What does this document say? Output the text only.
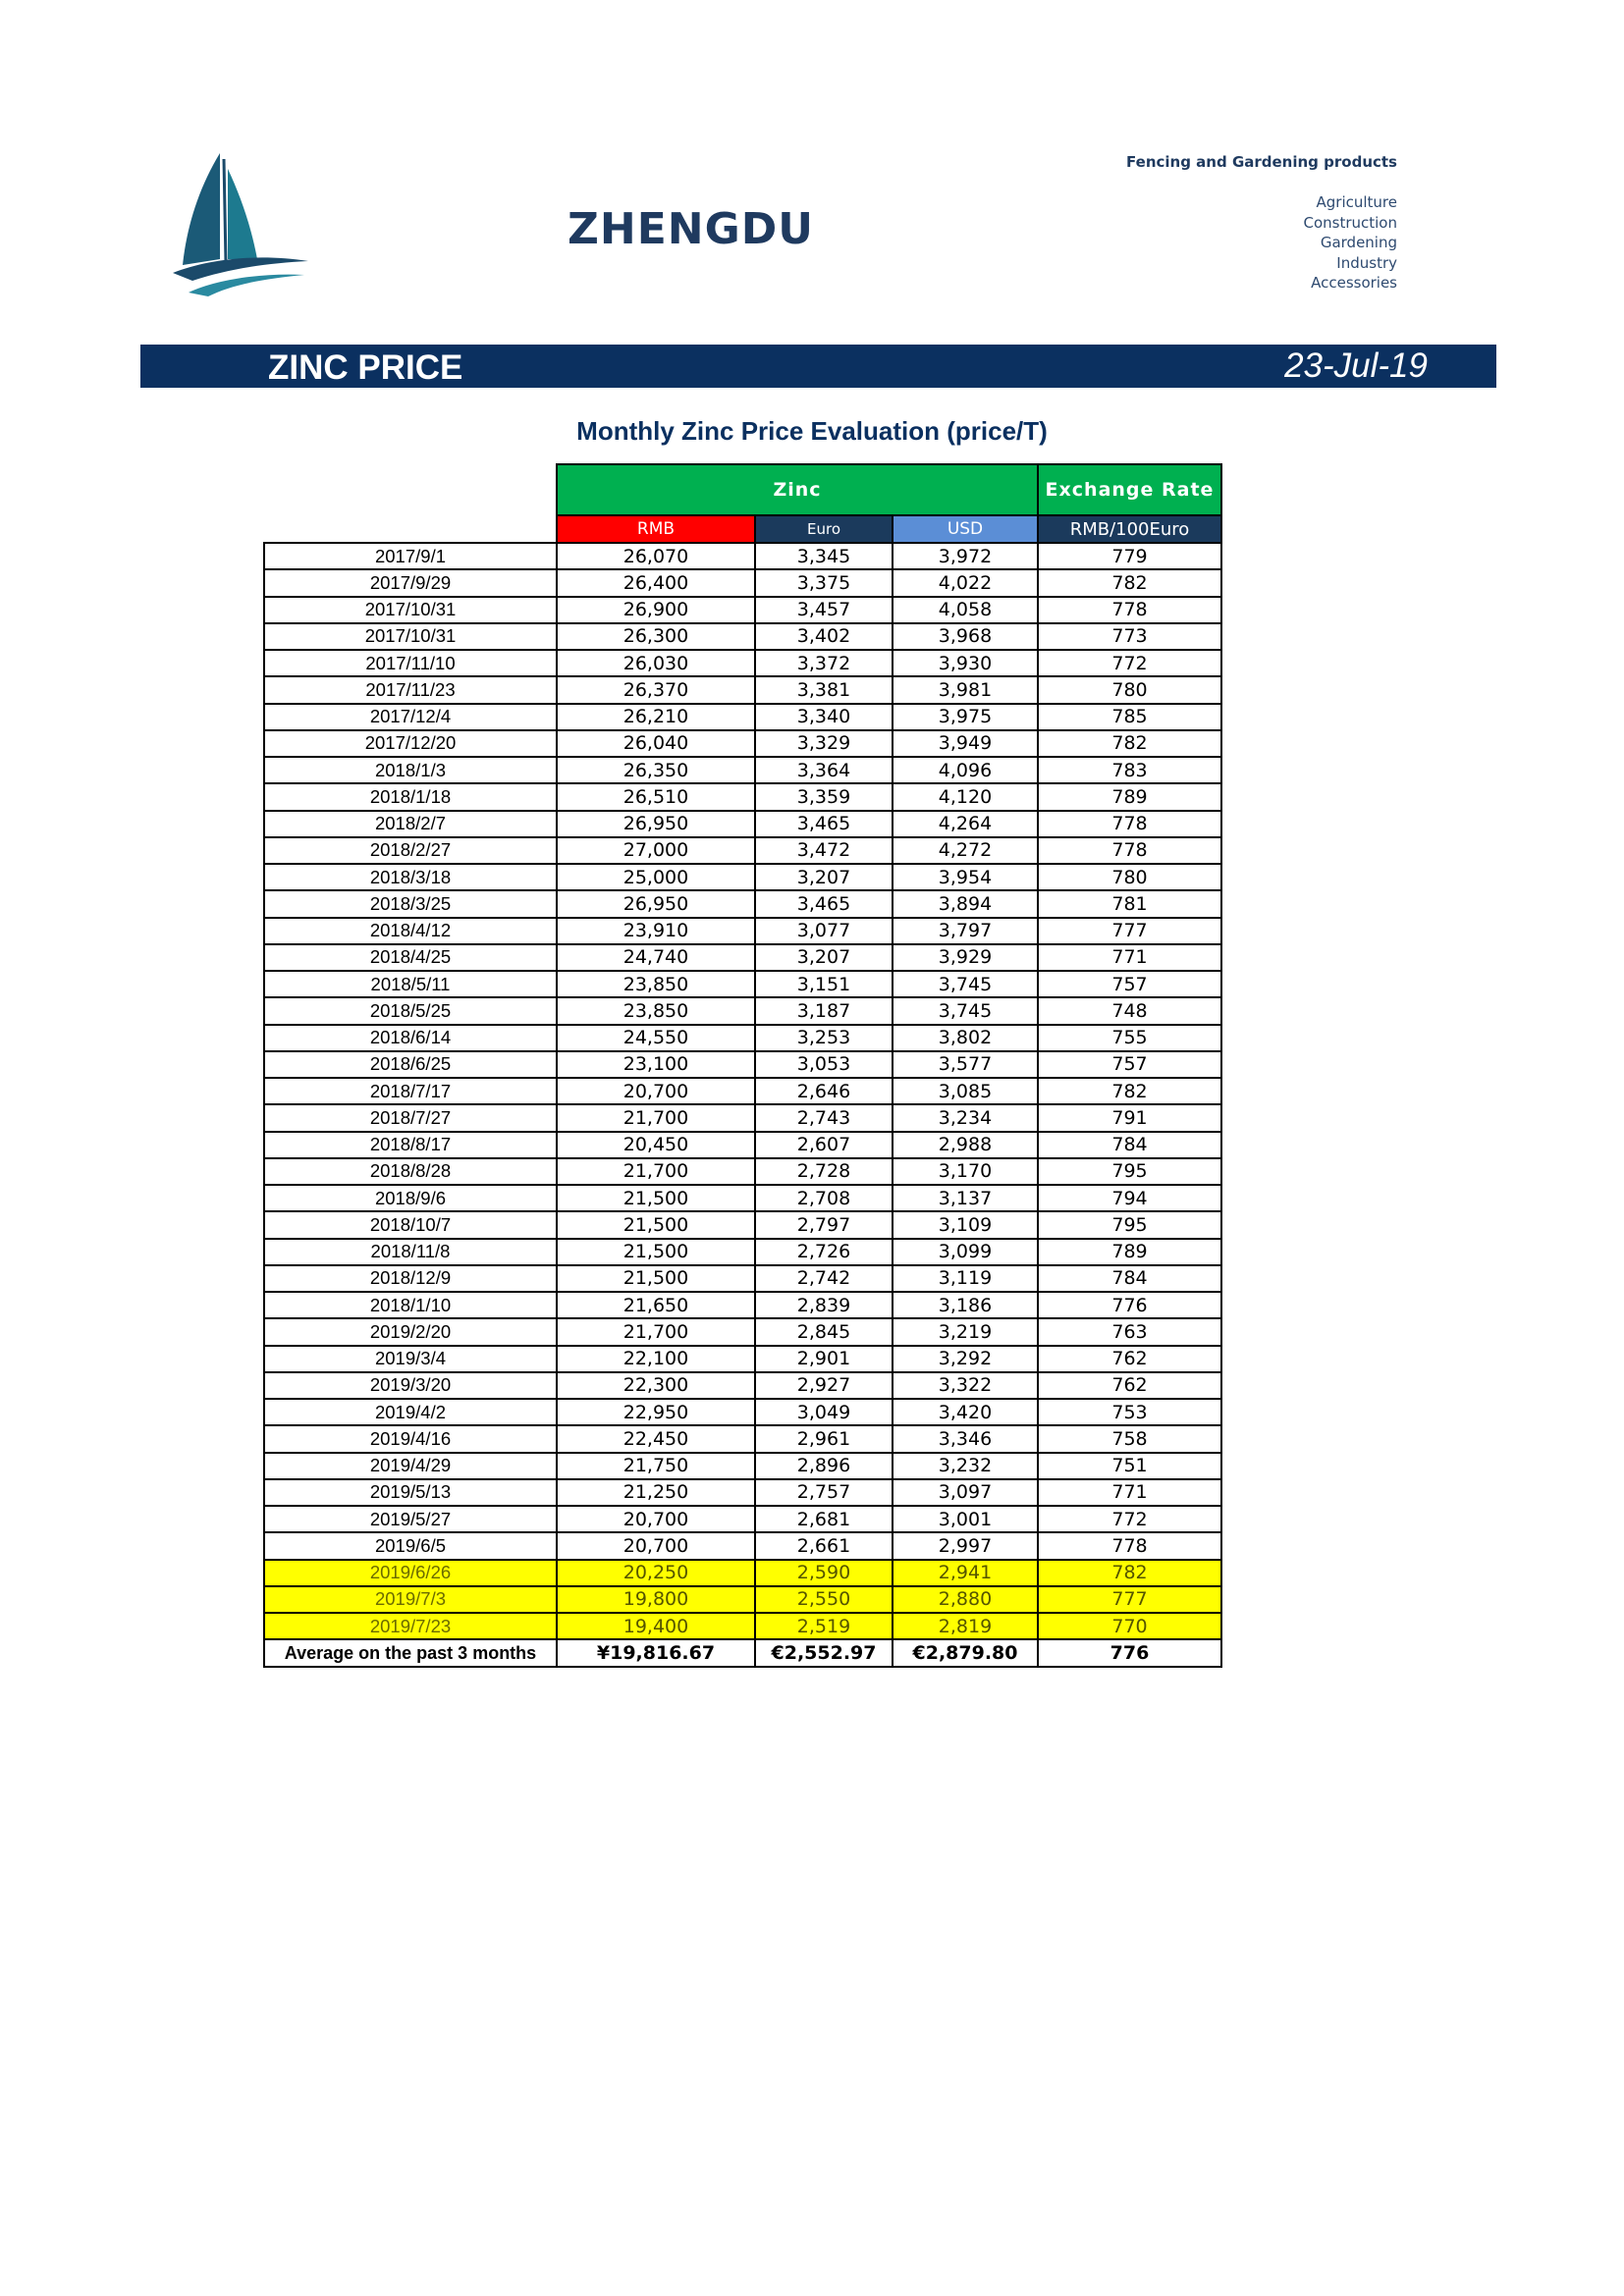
ZHENGDU
Fencing and Gardening products
Agriculture
Construction
Gardening
Industry
Accessories
ZINC PRICE	23-Jul-19
Monthly Zinc Price Evaluation (price/T)
	Zinc			Exchange Rate
	RMB	Euro	USD	RMB/100Euro
2017/9/1	26,070	3,345	3,972	779
2017/9/29	26,400	3,375	4,022	782
2017/10/31	26,900	3,457	4,058	778
2017/10/31	26,300	3,402	3,968	773
2017/11/10	26,030	3,372	3,930	772
2017/11/23	26,370	3,381	3,981	780
2017/12/4	26,210	3,340	3,975	785
2017/12/20	26,040	3,329	3,949	782
2018/1/3	26,350	3,364	4,096	783
2018/1/18	26,510	3,359	4,120	789
2018/2/7	26,950	3,465	4,264	778
2018/2/27	27,000	3,472	4,272	778
2018/3/18	25,000	3,207	3,954	780
2018/3/25	26,950	3,465	3,894	781
2018/4/12	23,910	3,077	3,797	777
2018/4/25	24,740	3,207	3,929	771
2018/5/11	23,850	3,151	3,745	757
2018/5/25	23,850	3,187	3,745	748
2018/6/14	24,550	3,253	3,802	755
2018/6/25	23,100	3,053	3,577	757
2018/7/17	20,700	2,646	3,085	782
2018/7/27	21,700	2,743	3,234	791
2018/8/17	20,450	2,607	2,988	784
2018/8/28	21,700	2,728	3,170	795
2018/9/6	21,500	2,708	3,137	794
2018/10/7	21,500	2,797	3,109	795
2018/11/8	21,500	2,726	3,099	789
2018/12/9	21,500	2,742	3,119	784
2018/1/10	21,650	2,839	3,186	776
2019/2/20	21,700	2,845	3,219	763
2019/3/4	22,100	2,901	3,292	762
2019/3/20	22,300	2,927	3,322	762
2019/4/2	22,950	3,049	3,420	753
2019/4/16	22,450	2,961	3,346	758
2019/4/29	21,750	2,896	3,232	751
2019/5/13	21,250	2,757	3,097	771
2019/5/27	20,700	2,681	3,001	772
2019/6/5	20,700	2,661	2,997	778
2019/6/26	20,250	2,590	2,941	782
2019/7/3	19,800	2,550	2,880	777
2019/7/23	19,400	2,519	2,819	770
Average on the past 3 months	¥19,816.67	€2,552.97	€2,879.80	776
